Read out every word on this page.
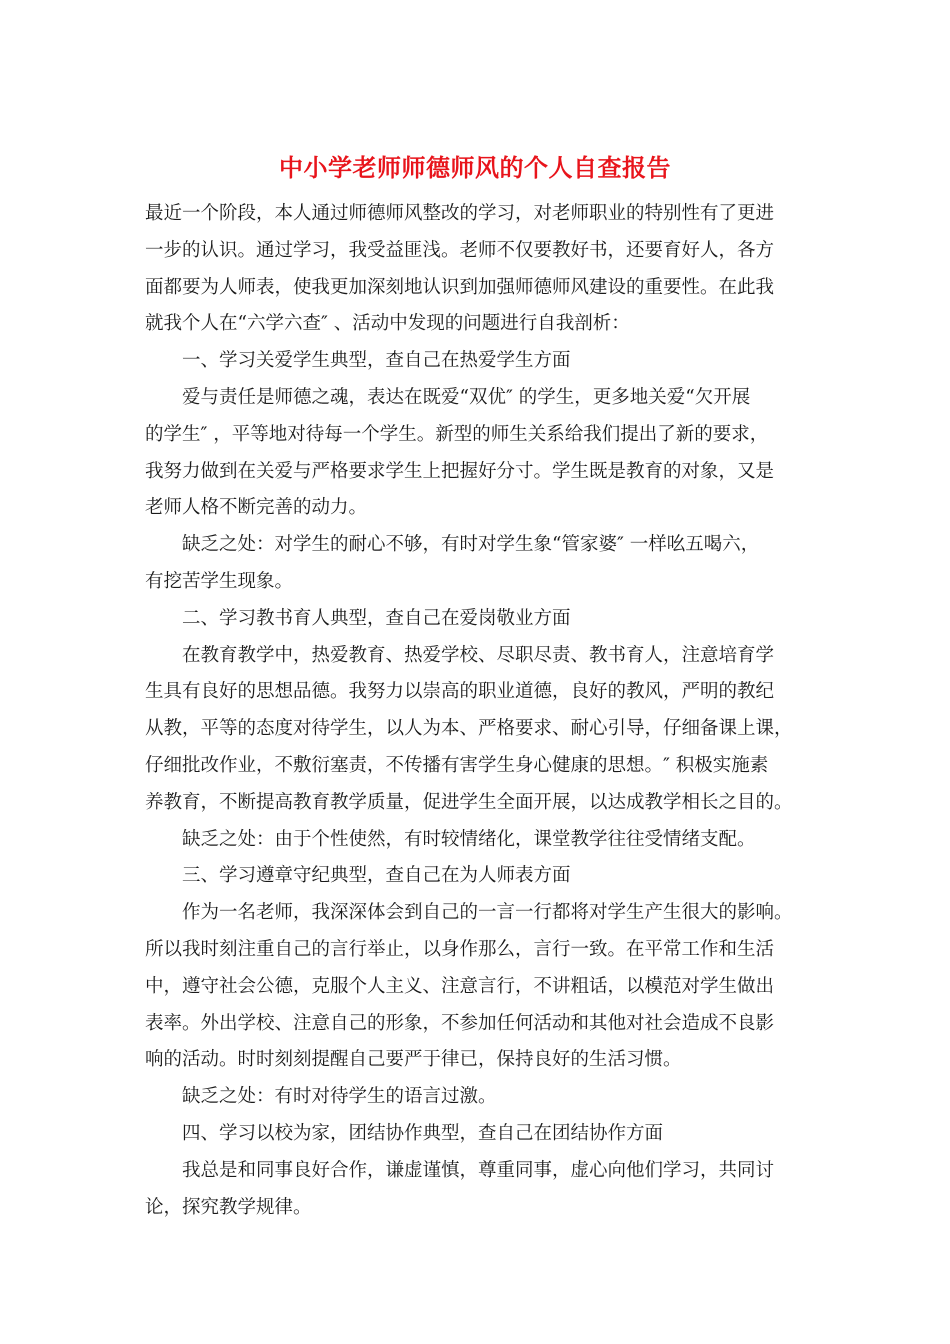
中小学老师师德师风的个人自查报告
最近一个阶段，本人通过师德师风整改的学习，对老师职业的特别性有了更进
一步的认识。通过学习，我受益匪浅。老师不仅要教好书，还要育好人，各方
面都要为人师表，使我更加深刻地认识到加强师德师风建设的重要性。在此我
就我个人在“六学六查″ 、活动中发现的问题进行自我剖析：
一、学习关爱学生典型，查自己在热爱学生方面
爱与责任是师德之魂，表达在既爱“双优″ 的学生，更多地关爱“欠开展
的学生″ ，平等地对待每一个学生。新型的师生关系给我们提出了新的要求，
我努力做到在关爱与严格要求学生上把握好分寸。学生既是教育的对象，又是
老师人格不断完善的动力。
缺乏之处：对学生的耐心不够，有时对学生象“管家婆″ 一样吆五喝六，
有挖苦学生现象。
二、学习教书育人典型，查自己在爱岗敬业方面
在教育教学中，热爱教育、热爱学校、尽职尽责、教书育人，注意培育学
生具有良好的思想品德。我努力以崇高的职业道德，良好的教风，严明的教纪
从教，平等的态度对待学生，以人为本、严格要求、耐心引导，仔细备课上课，
仔细批改作业，不敷衍塞责，不传播有害学生身心健康的思想。″ 积极实施素
养教育，不断提高教育教学质量，促进学生全面开展，以达成教学相长之目的。
缺乏之处：由于个性使然，有时较情绪化，课堂教学往往受情绪支配。
三、学习遵章守纪典型，查自己在为人师表方面
作为一名老师，我深深体会到自己的一言一行都将对学生产生很大的影响。
所以我时刻注重自己的言行举止，以身作那么，言行一致。在平常工作和生活
中，遵守社会公德，克服个人主义、注意言行，不讲粗话，以模范对学生做出
表率。外出学校、注意自己的形象，不参加任何活动和其他对社会造成不良影
响的活动。时时刻刻提醒自己要严于律已，保持良好的生活习惯。
缺乏之处：有时对待学生的语言过激。
四、学习以校为家，团结协作典型，查自己在团结协作方面
我总是和同事良好合作，谦虚谨慎，尊重同事，虚心向他们学习，共同讨
论，探究教学规律。
